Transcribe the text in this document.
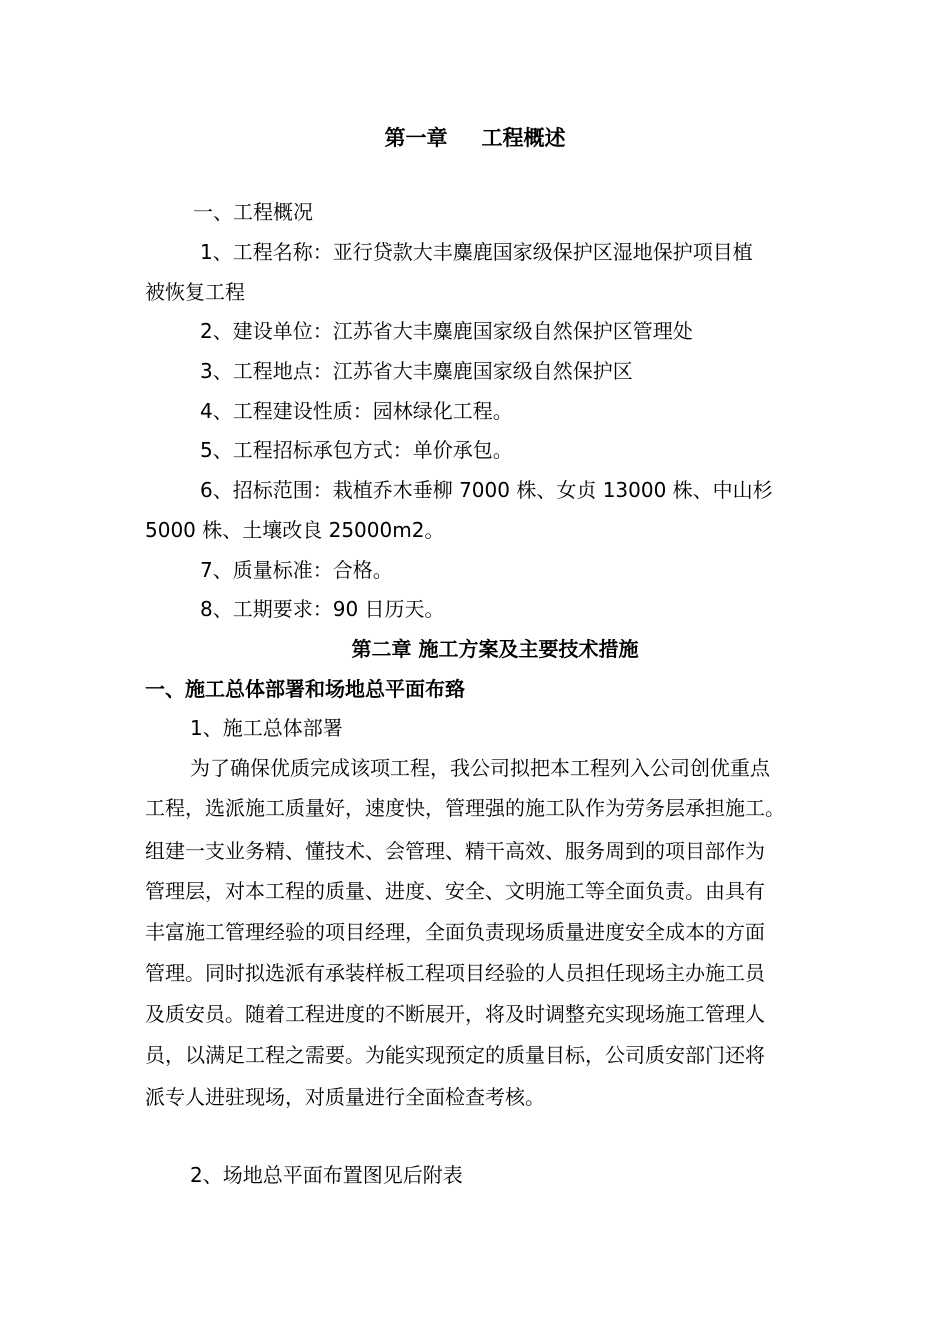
第一章 工程概述
一、工程概况
1、工程名称：亚行贷款大丰麋鹿国家级保护区湿地保护项目植
被恢复工程
2、建设单位：江苏省大丰麋鹿国家级自然保护区管理处
3、工程地点：江苏省大丰麋鹿国家级自然保护区
4、工程建设性质：园林绿化工程。
5、工程招标承包方式：单价承包。
6、招标范围：栽植乔木垂柳 7000 株、女贞 13000 株、中山杉
5000 株、土壤改良 25000m2。
7、质量标准：合格。
8、工期要求：90 日历天。
第二章 施工方案及主要技术措施
一、施工总体部署和场地总平面布臵
1、施工总体部署
为了确保优质完成该项工程，我公司拟把本工程列入公司创优重点
工程，选派施工质量好，速度快，管理强的施工队作为劳务层承担施工。
组建一支业务精、懂技术、会管理、精干高效、服务周到的项目部作为
管理层，对本工程的质量、进度、安全、文明施工等全面负责。由具有
丰富施工管理经验的项目经理，全面负责现场质量进度安全成本的方面
管理。同时拟选派有承装样板工程项目经验的人员担任现场主办施工员
及质安员。随着工程进度的不断展开，将及时调整充实现场施工管理人
员，以满足工程之需要。为能实现预定的质量目标，公司质安部门还将
派专人进驻现场，对质量进行全面检查考核。
2、场地总平面布置图见后附表
